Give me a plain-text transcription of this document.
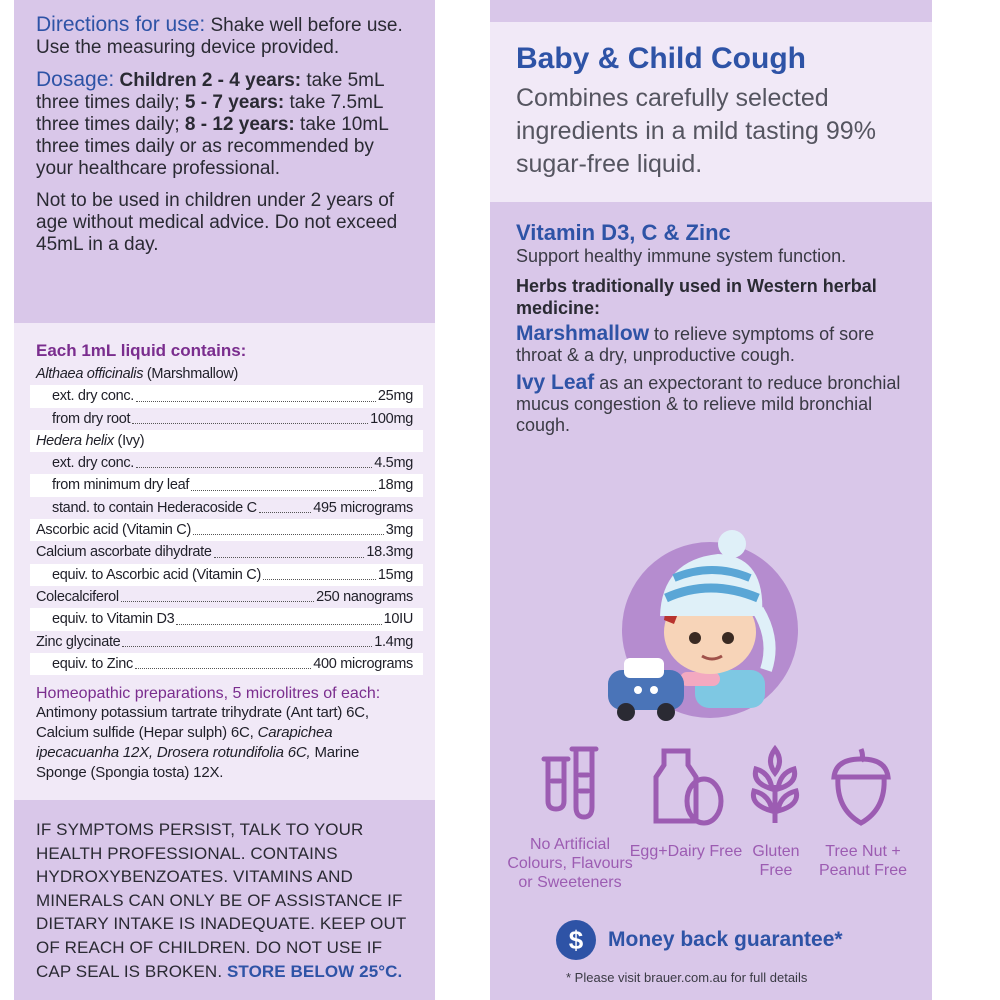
Directions for use: Shake well before use. Use the measuring device provided.

Dosage: Children 2 - 4 years: take 5mL three times daily; 5 - 7 years: take 7.5mL three times daily; 8 - 12 years: take 10mL three times daily or as recommended by your healthcare professional.

Not to be used in children under 2 years of age without medical advice. Do not exceed 45mL in a day.

Each 1mL liquid contains:
Althaea officinalis (Marshmallow)
ext. dry conc.	25mg
from dry root	100mg
Hedera helix (Ivy)
ext. dry conc.	4.5mg
from minimum dry leaf	18mg
stand. to contain Hederacoside C	495 micrograms
Ascorbic acid (Vitamin C)	3mg
Calcium ascorbate dihydrate	18.3mg
equiv. to Ascorbic acid (Vitamin C)	15mg
Colecalciferol	250 nanograms
equiv. to Vitamin D3	10IU
Zinc glycinate	1.4mg
equiv. to Zinc	400 micrograms
Homeopathic preparations, 5 microlitres of each:

Antimony potassium tartrate trihydrate (Ant tart) 6C, Calcium sulfide (Hepar sulph) 6C, Carapichea ipecacuanha 12X, Drosera rotundifolia 6C, Marine Sponge (Spongia tosta) 12X.

IF SYMPTOMS PERSIST, TALK TO YOUR HEALTH PROFESSIONAL. CONTAINS HYDROXYBENZOATES. VITAMINS AND MINERALS CAN ONLY BE OF ASSISTANCE IF DIETARY INTAKE IS INADEQUATE. KEEP OUT OF REACH OF CHILDREN. DO NOT USE IF CAP SEAL IS BROKEN. STORE BELOW 25°C.

Baby & Child Cough

Combines carefully selected ingredients in a mild tasting 99% sugar-free liquid.

Vitamin D3, C & Zinc

Support healthy immune system function.

Herbs traditionally used in Western herbal medicine:

Marshmallow to relieve symptoms of sore throat & a dry, unproductive cough.

Ivy Leaf as an expectorant to reduce bronchial mucus congestion & to relieve mild bronchial cough.

No Artificial Colours, Flavours or Sweeteners
Egg+Dairy Free Gluten Free
Tree Nut + Peanut Free
$	Money back guarantee*
* Please visit brauer.com.au for full details
